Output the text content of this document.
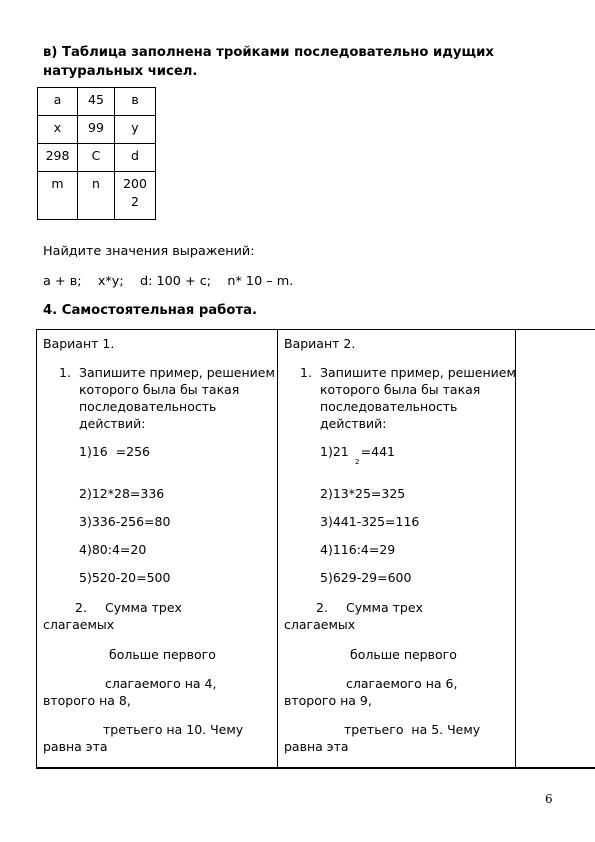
в) Таблица заполнена тройками последовательно идущих
натуральных чисел.
а	45	в
х	99	у
298	С	d
m	n	200
2
Найдите значения выражений:
а + в;    х*у;    d: 100 + с;    n* 10 – m.
4. Самостоятельная работа.
Вариант 1.
1. Запишите пример, решением которого была бы такая последовательность действий:
1)16  =256
2)12*28=336
3)336-256=80
4)80:4=20
5)520-20=500
2. Сумма трех
слагаемых
больше первого
слагаемого на 4,
второго на 8,
третьего на 10. Чему
равна эта
Вариант 2.
1. Запишите пример, решением которого была бы такая последовательность действий:
1)21   =441
2
2)13*25=325
3)441-325=116
4)116:4=29
5)629-29=600
2. Сумма трех
слагаемых
больше первого
слагаемого на 6,
второго на 9,
третьего  на 5. Чему
равна эта
6
